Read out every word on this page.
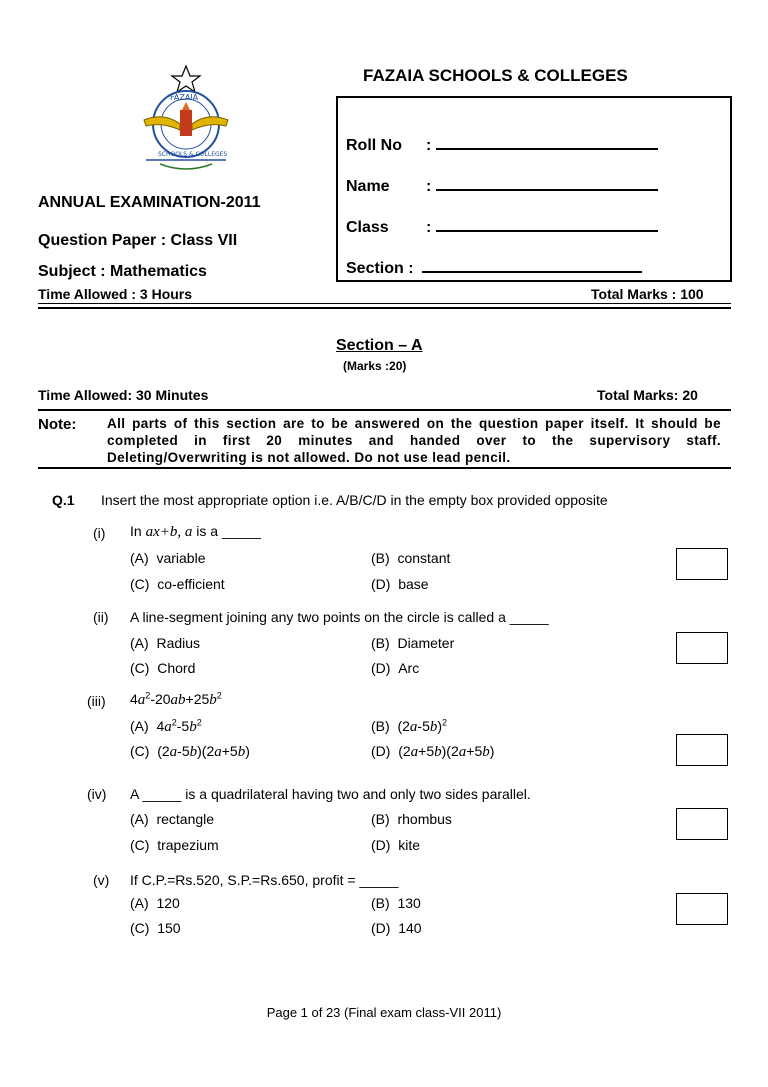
FAZAIA
SCHOOLS & COLLEGES
FAZAIA SCHOOLS & COLLEGES
Roll No :
Name :
Class :
Section :
ANNUAL EXAMINATION-2011
Question Paper : Class VII
Subject : Mathematics
Time Allowed : 3 Hours	Total Marks : 100
Section – A
(Marks :20)
Time Allowed: 30 Minutes	Total Marks: 20
Note: All parts of this section are to be answered on the question paper itself. It should be completed in first 20 minutes and handed over to the supervisory staff. Deleting/Overwriting is not allowed. Do not use lead pencil.
Q.1 Insert the most appropriate option i.e. A/B/C/D in the empty box provided opposite
(i) In ax+b, a is a _____
(A) variable	(B) constant
(C) co-efficient	(D) base
(ii) A line-segment joining any two points on the circle is called a _____
(A) Radius	(B) Diameter
(C) Chord	(D) Arc
(iii) $4a^2-20ab+25b^2$
(A)  $4a^2-5b^2$	(B)  $(2a-5b)^2$
(C)  (2a-5b)(2a+5b)	(D)  (2a+5b)(2a+5b)
(iv) A _____ is a quadrilateral having two and only two sides parallel.
(A) rectangle	(B) rhombus
(C) trapezium	(D) kite
(v) If C.P.=Rs.520, S.P.=Rs.650, profit = _____
(A) 120	(B) 130
(C) 150	(D) 140
Page 1 of 23 (Final exam class-VII 2011)
